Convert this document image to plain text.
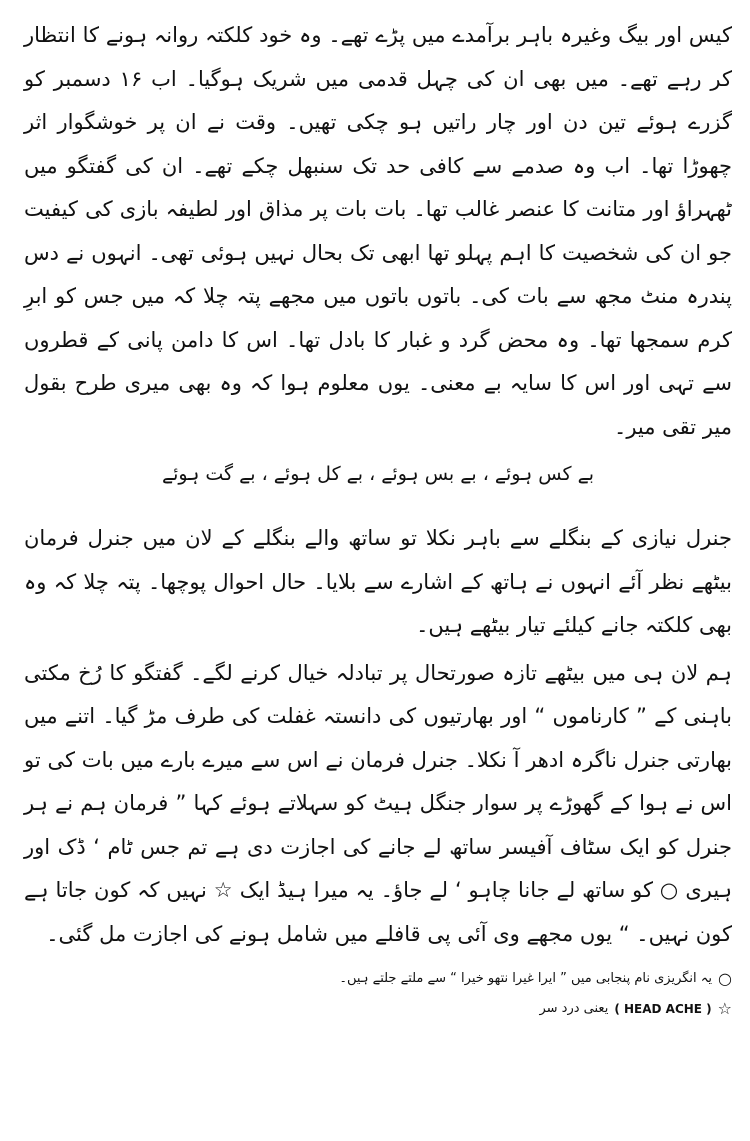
کیس اور بیگ وغیرہ باہر برآمدے میں پڑے تھے۔ وہ خود کلکتہ روانہ ہونے کا انتظار کر رہے تھے۔ میں بھی ان کی چہل قدمی میں شریک ہوگیا۔ اب ۱۶ دسمبر کو گزرے ہوئے تین دن اور چار راتیں ہو چکی تھیں۔ وقت نے ان پر خوشگوار اثر چھوڑا تھا۔ اب وہ صدمے سے کافی حد تک سنبھل چکے تھے۔ ان کی گفتگو میں ٹھہراؤ اور متانت کا عنصر غالب تھا۔ بات بات پر مذاق اور لطیفہ بازی کی کیفیت جو ان کی شخصیت کا اہم پہلو تھا ابھی تک بحال نہیں ہوئی تھی۔ انہوں نے دس پندرہ منٹ مجھ سے بات کی۔ باتوں باتوں میں مجھے پتہ چلا کہ میں جس کو ابرِ کرم سمجھا تھا۔ وہ محض گرد و غبار کا بادل تھا۔ اس کا دامن پانی کے قطروں سے تہی اور اس کا سایہ بے معنی۔ یوں معلوم ہوا کہ وہ بھی میری طرح بقول میر تقی میر۔

بے کس ہوئے ، بے بس ہوئے ، بے کل ہوئے ، بے گت ہوئے

جنرل نیازی کے بنگلے سے باہر نکلا تو ساتھ والے بنگلے کے لان میں جنرل فرمان بیٹھے نظر آئے انہوں نے ہاتھ کے اشارے سے بلایا۔ حال احوال پوچھا۔ پتہ چلا کہ وہ بھی کلکتہ جانے کیلئے تیار بیٹھے ہیں۔

ہم لان ہی میں بیٹھے تازہ صورتحال پر تبادلہ خیال کرنے لگے۔ گفتگو کا رُخ مکتی باہنی کے ” کارناموں “ اور بھارتیوں کی دانستہ غفلت کی طرف مڑ گیا۔ اتنے میں بھارتی جنرل ناگرہ ادھر آ نکلا۔ جنرل فرمان نے اس سے میرے بارے میں بات کی تو اس نے ہوا کے گھوڑے پر سوار جنگل ہیٹ کو سہلاتے ہوئے کہا ” فرمان ہم نے ہر جنرل کو ایک سٹاف آفیسر ساتھ لے جانے کی اجازت دی ہے تم جس ٹام ‘ ڈک اور ہیری ○ کو ساتھ لے جانا چاہو ‘ لے جاؤ۔ یہ میرا ہیڈ ایک ☆ نہیں کہ کون جاتا ہے کون نہیں۔ “ یوں مجھے وی آئی پی قافلے میں شامل ہونے کی اجازت مل گئی۔

○
یہ انگریزی نام پنجابی میں ” ایرا غیرا نتھو خیرا “ سے ملتے جلتے ہیں۔
☆
( HEAD ACHE )
یعنی درد سر
